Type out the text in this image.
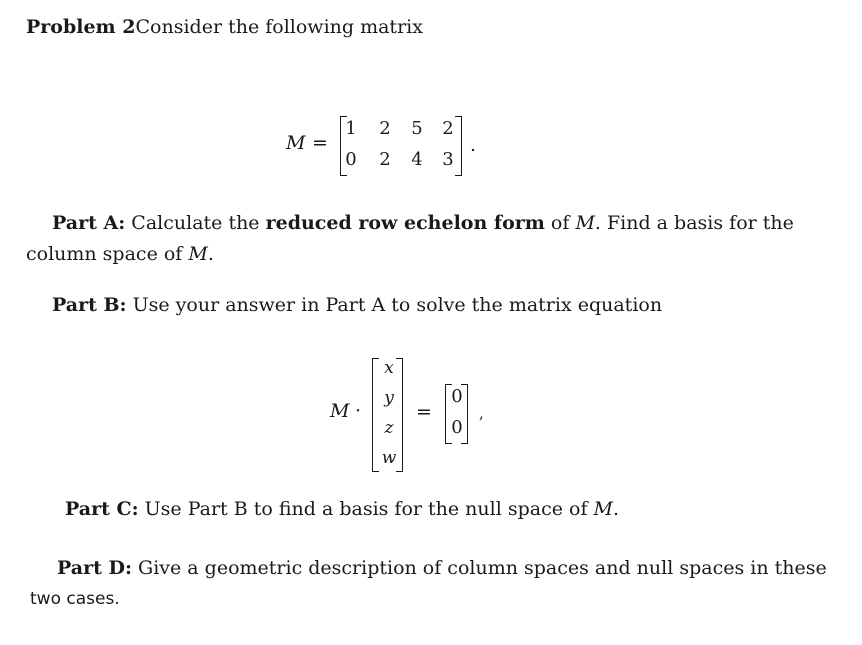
Problem 2Consider the following matrix
M =
1 2 5 2
0 2 4 3
.
Part A: Calculate the reduced row echelon form of M. Find a basis for the
column space of M.
Part B: Use your answer in Part A to solve the matrix equation
M ·
x
y
z
w
=
0
0
,
Part C: Use Part B to find a basis for the null space of M.
Part D: Give a geometric description of column spaces and null spaces in these
two cases.
